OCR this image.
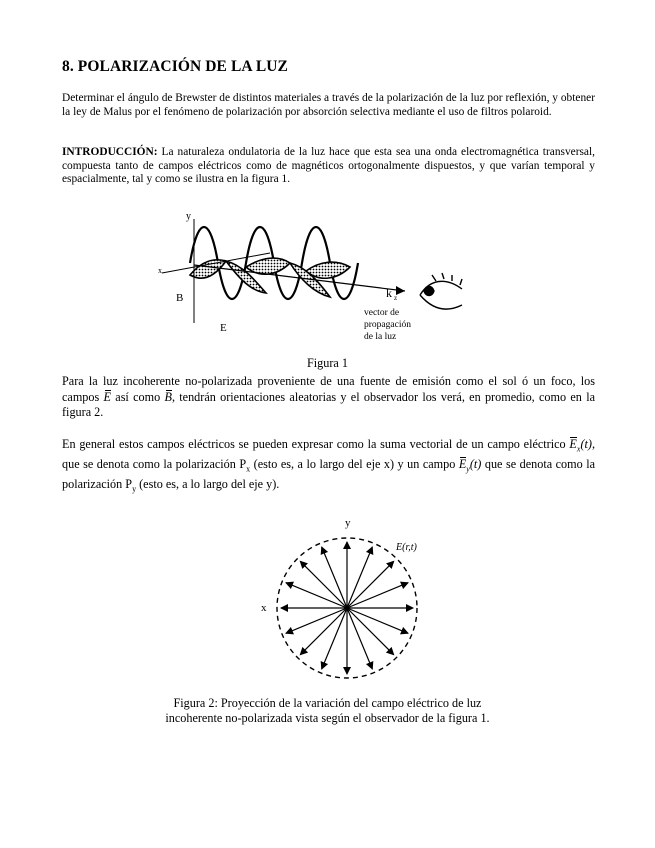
8. POLARIZACIÓN DE LA LUZ
Determinar el ángulo de Brewster de distintos materiales a través de la polarización de la luz por reflexión, y obtener la ley de Malus por el fenómeno de polarización por absorción selectiva mediante el uso de filtros polaroid.
INTRODUCCIÓN: La naturaleza ondulatoria de la luz hace que esta sea una onda electromagnética transversal, compuesta tanto de campos eléctricos como de magnéticos ortogonalmente dispuestos, y que varían temporal y espacialmente, tal y como se ilustra en la figura 1.
y
x
B
E
k z
vector de
propagación
de la luz
Figura 1
Para la luz incoherente no-polarizada proveniente de una fuente de emisión como el sol ó un foco, los campos E así como B, tendrán orientaciones aleatorias y el observador los verá, en promedio, como en la figura 2.
En general estos campos eléctricos se pueden expresar como la suma vectorial de un campo eléctrico $E_x(t)$, que se denota como la polarización $P_x$ (esto es, a lo largo del eje x) y un campo $E_y(t)$ que se denota como la polarización $P_y$ (esto es, a lo largo del eje y).
y
x
E(r,t)
Figura 2: Proyección de la variación del campo eléctrico de luz
incoherente no-polarizada vista según el observador de la figura 1.
